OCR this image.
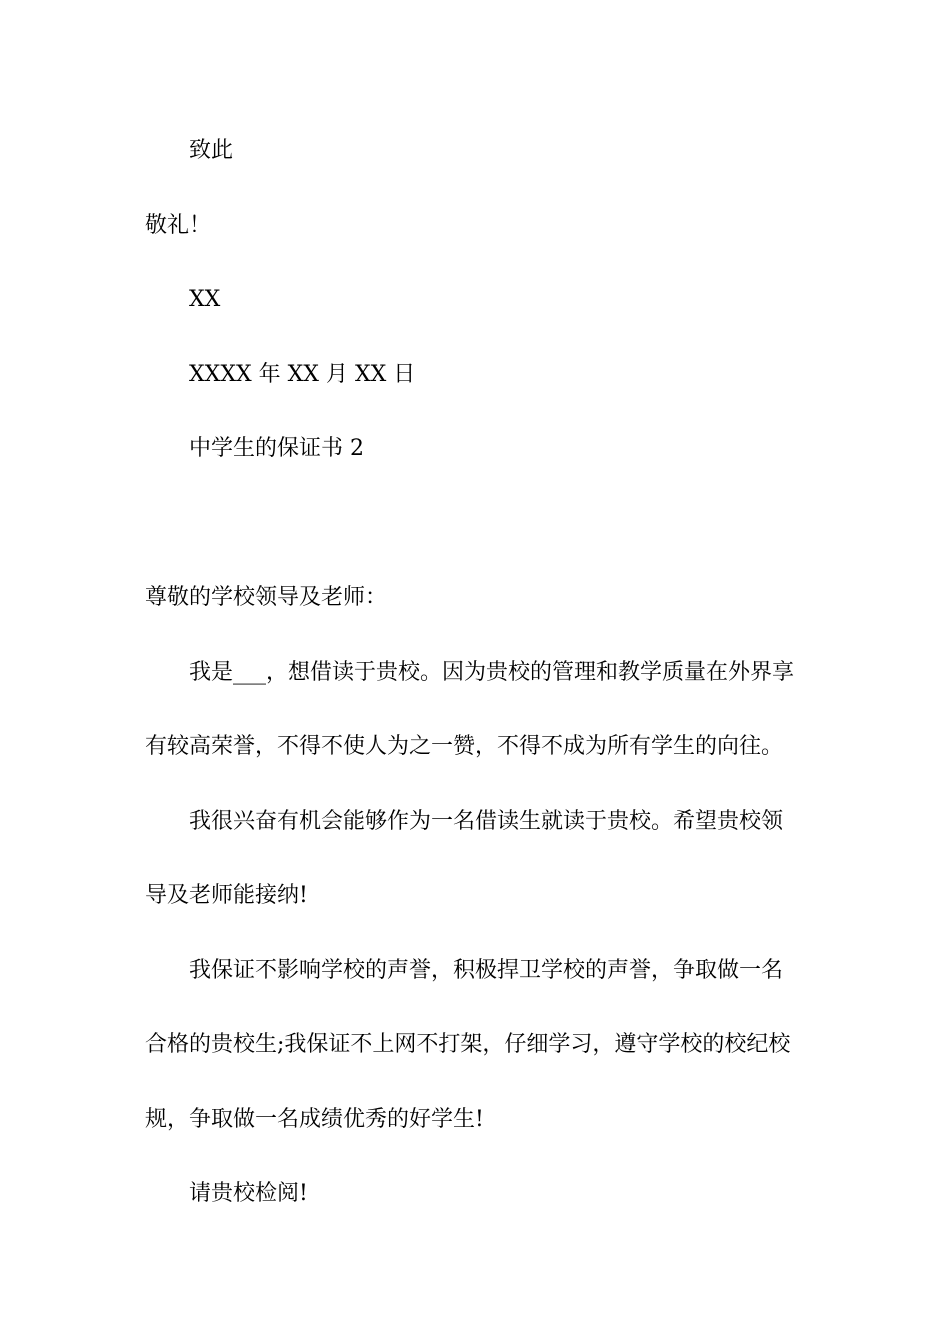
致此
敬礼！
XX
XXXX 年 XX 月 XX 日
中学生的保证书 2
尊敬的学校领导及老师：
我是___，想借读于贵校。因为贵校的管理和教学质量在外界享
有较高荣誉，不得不使人为之一赞，不得不成为所有学生的向往。
我很兴奋有机会能够作为一名借读生就读于贵校。希望贵校领
导及老师能接纳!
我保证不影响学校的声誉，积极捍卫学校的声誉，争取做一名
合格的贵校生;我保证不上网不打架，仔细学习，遵守学校的校纪校
规，争取做一名成绩优秀的好学生!
请贵校检阅!
